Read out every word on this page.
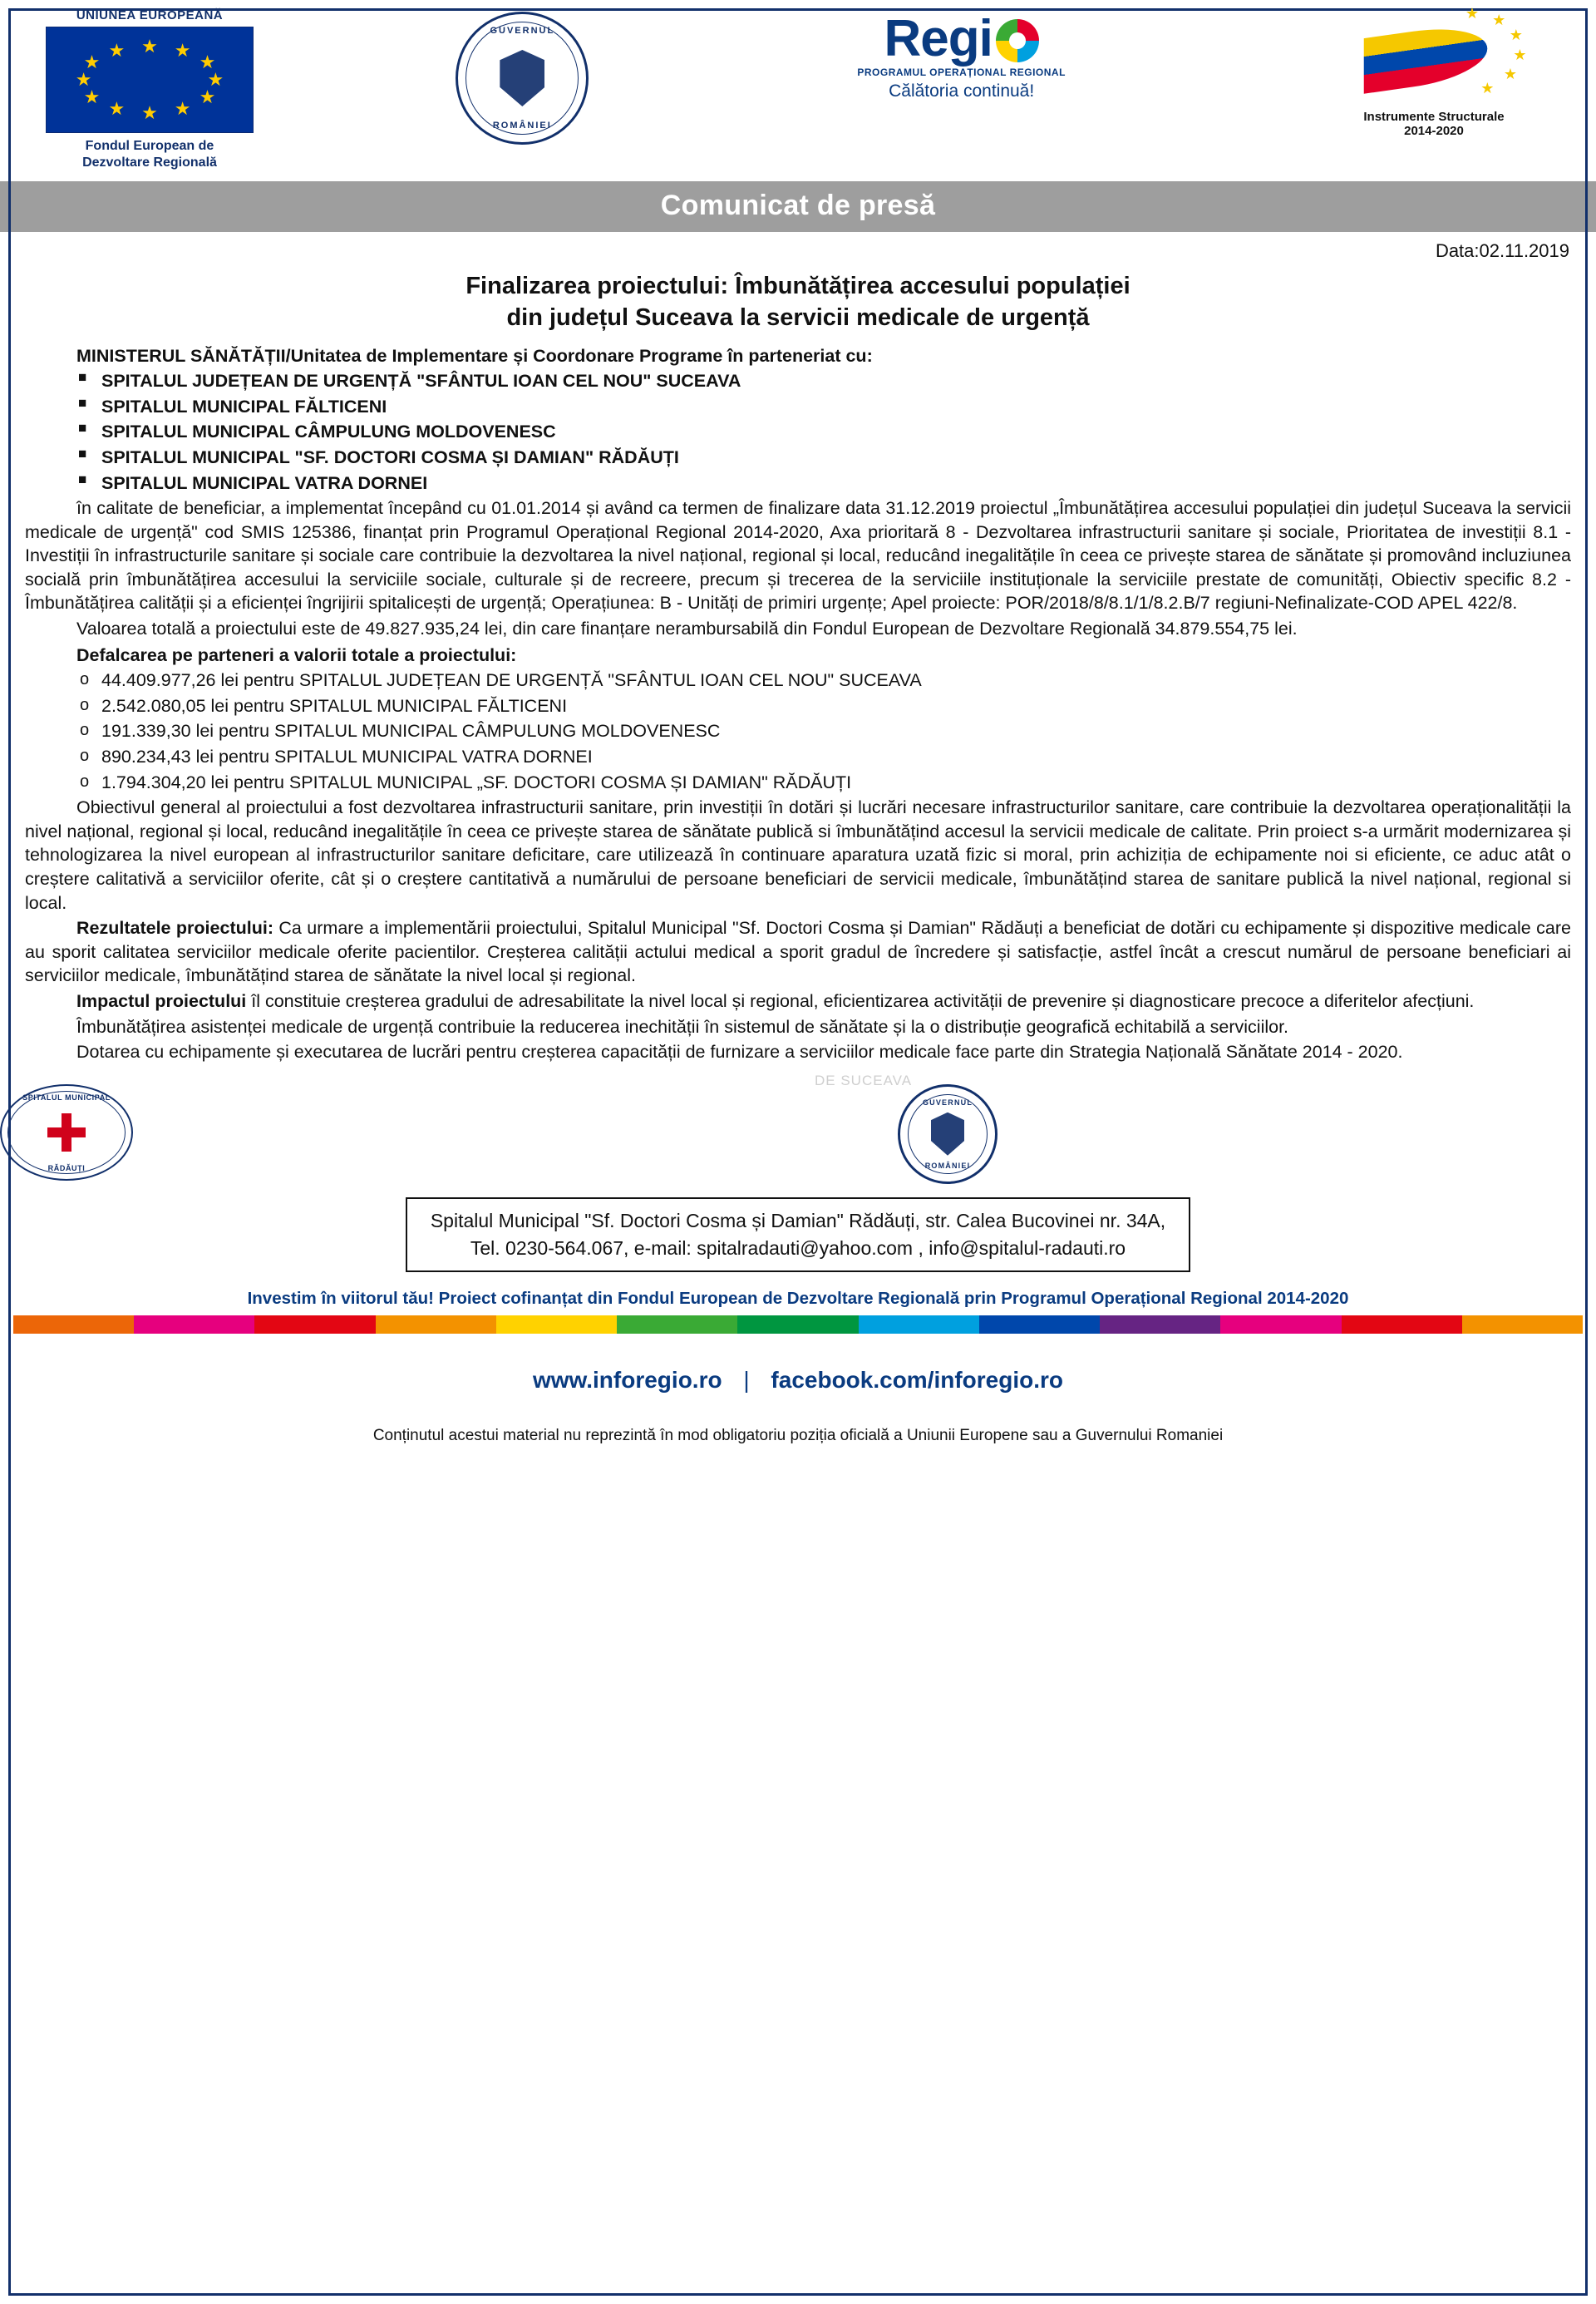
UNIUNEA EUROPEANĂ
★ ★
★
★
★
★
★
★
★
★
★
★
Fondul European de
Dezvoltare Regională
GUVERNUL
ROMÂNIEI
Regi
PROGRAMUL OPERAȚIONAL REGIONAL
Călătoria continuă!
★
★
★
★
★
★
Instrumente Structurale
2014-2020
Comunicat de presă
Data:02.11.2019
Finalizarea proiectului: Îmbunătățirea accesului populației
din județul Suceava la servicii medicale de urgență
MINISTERUL SĂNĂTĂȚII/Unitatea de Implementare și Coordonare Programe în parteneriat cu:
■ SPITALUL JUDEȚEAN DE URGENȚĂ "SFÂNTUL IOAN CEL NOU" SUCEAVA
■ SPITALUL MUNICIPAL FĂLTICENI
■ SPITALUL MUNICIPAL CÂMPULUNG MOLDOVENESC
■ SPITALUL MUNICIPAL "SF. DOCTORI COSMA ȘI DAMIAN" RĂDĂUȚI
■ SPITALUL MUNICIPAL VATRA DORNEI

în calitate de beneficiar, a implementat începând cu 01.01.2014 și având ca termen de finalizare data 31.12.2019 proiectul „Îmbunătățirea accesului populației din județul Suceava la servicii medicale de urgență" cod SMIS 125386, finanțat prin Programul Operațional Regional 2014-2020, Axa prioritară 8 - Dezvoltarea infrastructurii sanitare și sociale, Prioritatea de investiții 8.1 - Investiții în infrastructurile sanitare și sociale care contribuie la dezvoltarea la nivel național, regional și local, reducând inegalitățile în ceea ce privește starea de sănătate și promovând incluziunea socială prin îmbunătățirea accesului la serviciile sociale, culturale și de recreere, precum și trecerea de la serviciile instituționale la serviciile prestate de comunități, Obiectiv specific 8.2 - Îmbunătățirea calității și a eficienței îngrijirii spitalicești de urgență; Operațiunea: B - Unități de primiri urgențe; Apel proiecte: POR/2018/8/8.1/1/8.2.B/7 regiuni-Nefinalizate-COD APEL 422/8.

Valoarea totală a proiectului este de 49.827.935,24 lei, din care finanțare nerambursabilă din Fondul European de Dezvoltare Regională 34.879.554,75 lei.

Defalcarea pe parteneri a valorii totale a proiectului:
o 44.409.977,26 lei pentru SPITALUL JUDEȚEAN DE URGENȚĂ "SFÂNTUL IOAN CEL NOU" SUCEAVA
o 2.542.080,05 lei pentru SPITALUL MUNICIPAL FĂLTICENI
o 191.339,30 lei pentru SPITALUL MUNICIPAL CÂMPULUNG MOLDOVENESC
o 890.234,43 lei pentru SPITALUL MUNICIPAL VATRA DORNEI
o 1.794.304,20 lei pentru SPITALUL MUNICIPAL „SF. DOCTORI COSMA ȘI DAMIAN" RĂDĂUȚI

Obiectivul general al proiectului a fost dezvoltarea infrastructurii sanitare, prin investiții în dotări și lucrări necesare infrastructurilor sanitare, care contribuie la dezvoltarea operaționalității la nivel național, regional și local, reducând inegalitățile în ceea ce privește starea de sănătate publică si îmbunătățind accesul la servicii medicale de calitate. Prin proiect s-a urmărit modernizarea și tehnologizarea la nivel european al infrastructurilor sanitare deficitare, care utilizează în continuare aparatura uzată fizic si moral, prin achiziția de echipamente noi si eficiente, ce aduc atât o creștere calitativă a serviciilor oferite, cât și o creștere cantitativă a numărului de persoane beneficiari de servicii medicale, îmbunătățind starea de sanitare publică la nivel național, regional si local.

Rezultatele proiectului: Ca urmare a implementării proiectului, Spitalul Municipal "Sf. Doctori Cosma și Damian" Rădăuți a beneficiat de dotări cu echipamente și dispozitive medicale care au sporit calitatea serviciilor medicale oferite pacientilor. Creșterea calității actului medical a sporit gradul de încredere și satisfacție, astfel încât a crescut numărul de persoane beneficiari ai serviciilor medicale, îmbunătățind starea de sănătate la nivel local și regional.

Impactul proiectului îl constituie creșterea gradului de adresabilitate la nivel local și regional, eficientizarea activității de prevenire și diagnosticare precoce a diferitelor afecțiuni.

Îmbunătățirea asistenței medicale de urgență contribuie la reducerea inechității în sistemul de sănătate și la o distribuție geografică echitabilă a serviciilor.

Dotarea cu echipamente și executarea de lucrări pentru creșterea capacității de furnizare a serviciilor medicale face parte din Strategia Națională Sănătate 2014 - 2020.

DE SUCEAVA
SPITALUL MUNICIPAL
RĂDĂUȚI
GUVERNUL
ROMÂNIEI
Spitalul Municipal "Sf. Doctori Cosma și Damian" Rădăuți, str. Calea Bucovinei nr. 34A,
Tel. 0230-564.067, e-mail: spitalradauti@yahoo.com , info@spitalul-radauti.ro
Investim în viitorul tău! Proiect cofinanțat din Fondul European de Dezvoltare Regională prin Programul Operațional Regional 2014-2020
www.inforegio.ro | facebook.com/inforegio.ro
Conținutul acestui material nu reprezintă în mod obligatoriu poziția oficială a Uniunii Europene sau a Guvernului Romaniei
